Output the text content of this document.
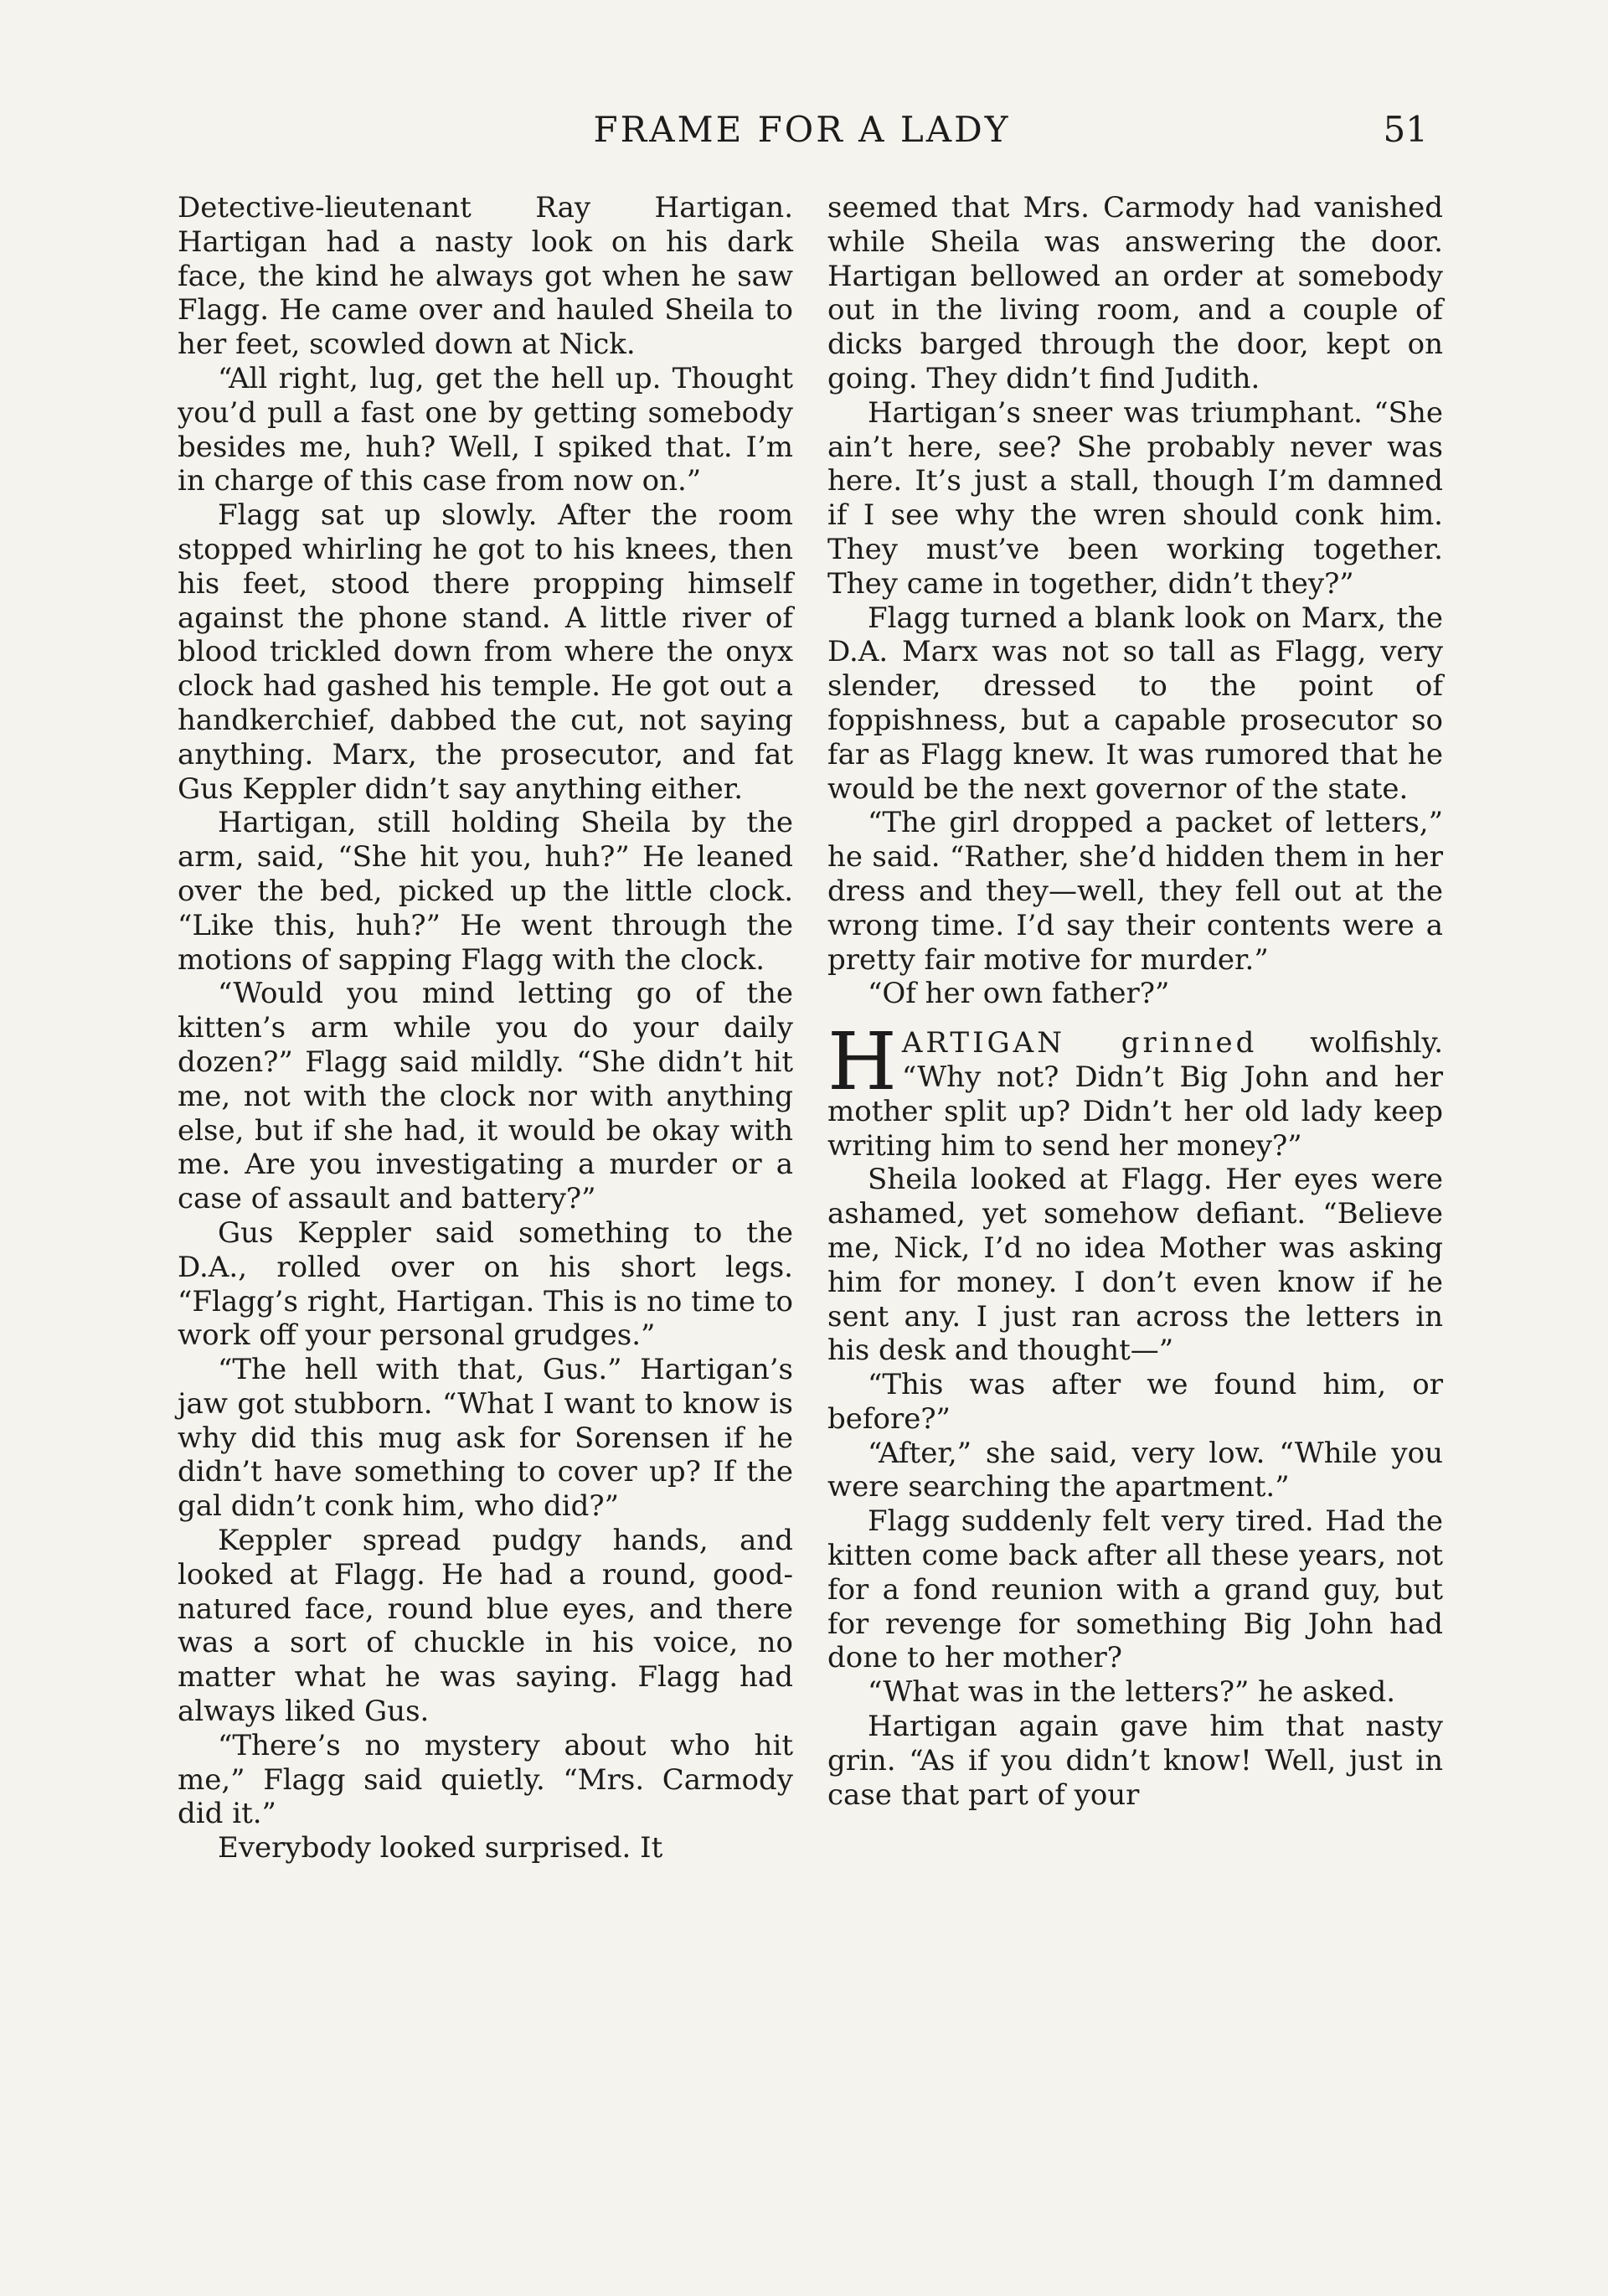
FRAME FOR A LADY	51

Detective-lieutenant Ray Hartigan. Hartigan had a nasty look on his dark face, the kind he always got when he saw Flagg. He came over and hauled Sheila to her feet, scowled down at Nick.

“All right, lug, get the hell up. Thought you’d pull a fast one by getting somebody besides me, huh? Well, I spiked that. I’m in charge of this case from now on.”

Flagg sat up slowly. After the room stopped whirling he got to his knees, then his feet, stood there propping himself against the phone stand. A little river of blood trickled down from where the onyx clock had gashed his temple. He got out a handkerchief, dabbed the cut, not saying anything. Marx, the prosecutor, and fat Gus Keppler didn’t say anything either.

Hartigan, still holding Sheila by the arm, said, “She hit you, huh?” He leaned over the bed, picked up the little clock. “Like this, huh?” He went through the motions of sapping Flagg with the clock.

“Would you mind letting go of the kitten’s arm while you do your daily dozen?” Flagg said mildly. “She didn’t hit me, not with the clock nor with anything else, but if she had, it would be okay with me. Are you investigating a murder or a case of assault and battery?”

Gus Keppler said something to the D.A., rolled over on his short legs. “Flagg’s right, Hartigan. This is no time to work off your personal grudges.”

“The hell with that, Gus.” Hartigan’s jaw got stubborn. “What I want to know is why did this mug ask for Sorensen if he didn’t have something to cover up? If the gal didn’t conk him, who did?”

Keppler spread pudgy hands, and looked at Flagg. He had a round, good-natured face, round blue eyes, and there was a sort of chuckle in his voice, no matter what he was saying. Flagg had always liked Gus.

“There’s no mystery about who hit me,” Flagg said quietly. “Mrs. Carmody did it.”

Everybody looked surprised. It

seemed that Mrs. Carmody had vanished while Sheila was answering the door. Hartigan bellowed an order at somebody out in the living room, and a couple of dicks barged through the door, kept on going. They didn’t find Judith.

Hartigan’s sneer was triumphant. “She ain’t here, see? She probably never was here. It’s just a stall, though I’m damned if I see why the wren should conk him. They must’ve been working together. They came in together, didn’t they?”

Flagg turned a blank look on Marx, the D.A. Marx was not so tall as Flagg, very slender, dressed to the point of foppishness, but a capable prosecutor so far as Flagg knew. It was rumored that he would be the next governor of the state.

“The girl dropped a packet of letters,” he said. “Rather, she’d hidden them in her dress and they—well, they fell out at the wrong time. I’d say their contents were a pretty fair motive for murder.”

“Of her own father?”

HARTIGAN grinned wolfishly. “Why not? Didn’t Big John and her mother split up? Didn’t her old lady keep writing him to send her money?”

Sheila looked at Flagg. Her eyes were ashamed, yet somehow defiant. “Believe me, Nick, I’d no idea Mother was asking him for money. I don’t even know if he sent any. I just ran across the letters in his desk and thought—”

“This was after we found him, or before?”

“After,” she said, very low. “While you were searching the apartment.”

Flagg suddenly felt very tired. Had the kitten come back after all these years, not for a fond reunion with a grand guy, but for revenge for something Big John had done to her mother?

“What was in the letters?” he asked.

Hartigan again gave him that nasty grin. “As if you didn’t know! Well, just in case that part of your
